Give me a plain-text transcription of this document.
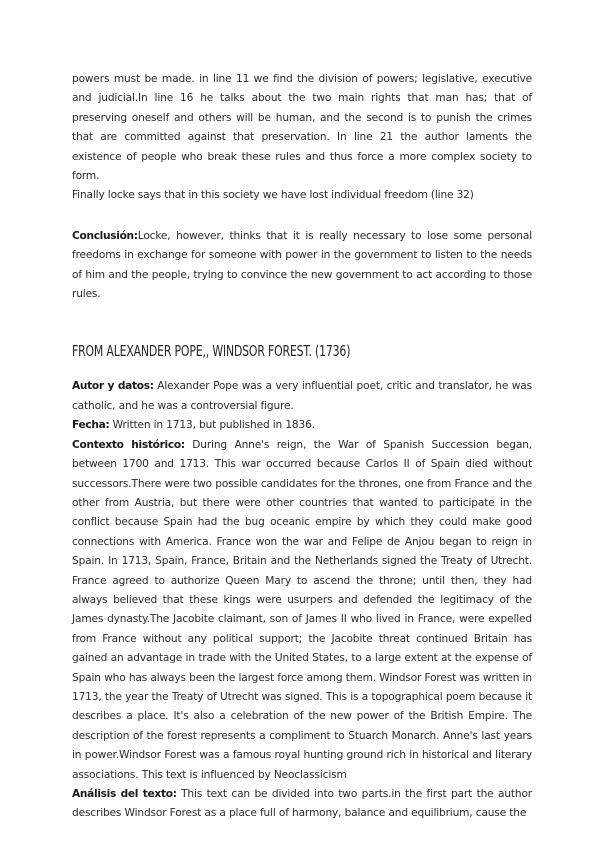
powers must be made. in line 11 we find the division of powers; legislative, executive and judicial.In line 16 he talks about the two main rights that man has; that of preserving oneself and others will be human, and the second is to punish the crimes that are committed against that preservation. In line 21 the author laments the existence of people who break these rules and thus force a more complex society to form.

Finally locke says that in this society we have lost individual freedom (line 32)

Conclusión:Locke, however, thinks that it is really necessary to lose some personal freedoms in exchange for someone with power in the government to listen to the needs of him and the people, trying to convince the new government to act according to those rules.

FROM ALEXANDER POPE,, WINDSOR FOREST. (1736)

Autor y datos: Alexander Pope was a very influential poet, critic and translator, he was catholic, and he was a controversial figure.

Fecha: Written in 1713, but published in 1836.

Contexto histórico: During Anne's reign, the War of Spanish Succession began, between 1700 and 1713. This war occurred because Carlos II of Spain died without successors.There were two possible candidates for the thrones, one from France and the other from Austria, but there were other countries that wanted to participate in the conflict because Spain had the bug oceanic empire by which they could make good connections with America. France won the war and Felipe de Anjou began to reign in Spain. In 1713, Spain, France, Britain and the Netherlands signed the Treaty of Utrecht. France agreed to authorize Queen Mary to ascend the throne; until then, they had always believed that these kings were usurpers and defended the legitimacy of the James dynasty.The Jacobite claimant, son of James II who lived in France, were expelled from France without any political support; the Jacobite threat continued Britain has gained an advantage in trade with the United States, to a large extent at the expense of Spain who has always been the largest force among them. Windsor Forest was written in 1713, the year the Treaty of Utrecht was signed. This is a topographical poem because it describes a place. It's also a celebration of the new power of the British Empire. The description of the forest represents a compliment to Stuarch Monarch. Anne's last years in power.Windsor Forest was a famous royal hunting ground rich in historical and literary associations. This text is influenced by Neoclassicism

Análisis del texto: This text can be divided into two parts.in the first part the author describes Windsor Forest as a place full of harmony, balance and equilibrium, cause the
